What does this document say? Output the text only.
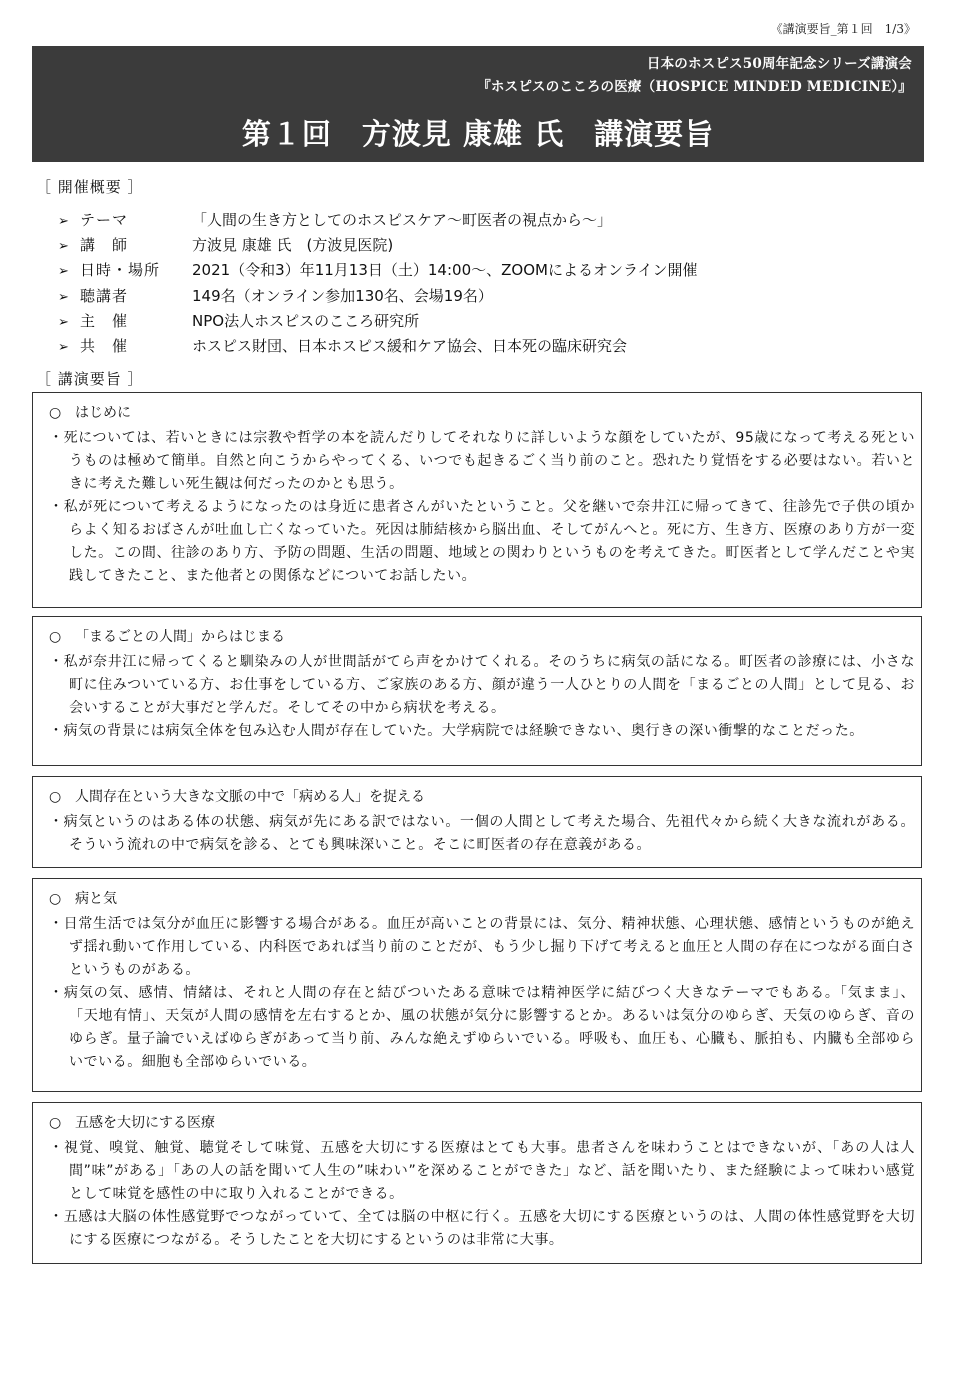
《講演要旨_第１回　1/3》
日本のホスピス50周年記念シリーズ講演会
『ホスピスのこころの医療（HOSPICE MINDED MEDICINE）』
第１回　方波見 康雄 氏　講演要旨
［ 開催概要 ］
➢ テーマ	「人間の生き方としてのホスピスケア～町医者の視点から～」
➢ 講　師	方波見 康雄 氏　(方波見医院)
➢ 日時・場所 2021（令和3）年11月13日（土）14:00～、ZOOMによるオンライン開催
➢ 聴講者	149名（オンライン参加130名、会場19名）
➢ 主　催	NPO法人ホスピスのこころ研究所
➢ 共　催	ホスピス財団、日本ホスピス緩和ケア協会、日本死の臨床研究会
［ 講演要旨 ］
○ はじめに

・死については、若いときには宗教や哲学の本を読んだりしてそれなりに詳しいような顔をしていたが、95歳になって考える死というものは極めて簡単。自然と向こうからやってくる、いつでも起きるごく当り前のこと。恐れたり覚悟をする必要はない。若いときに考えた難しい死生観は何だったのかとも思う。

・私が死について考えるようになったのは身近に患者さんがいたということ。父を継いで奈井江に帰ってきて、往診先で子供の頃からよく知るおばさんが吐血し亡くなっていた。死因は肺結核から脳出血、そしてがんへと。死に方、生き方、医療のあり方が一変した。この間、往診のあり方、予防の問題、生活の問題、地域との関わりというものを考えてきた。町医者として学んだことや実践してきたこと、また他者との関係などについてお話したい。

○ 「まるごとの人間」からはじまる

・私が奈井江に帰ってくると馴染みの人が世間話がてら声をかけてくれる。そのうちに病気の話になる。町医者の診療には、小さな町に住みついている方、お仕事をしている方、ご家族のある方、顔が違う一人ひとりの人間を「まるごとの人間」として見る、お会いすることが大事だと学んだ。そしてその中から病状を考える。

・病気の背景には病気全体を包み込む人間が存在していた。大学病院では経験できない、奥行きの深い衝撃的なことだった。

○ 人間存在という大きな文脈の中で「病める人」を捉える

・病気というのはある体の状態、病気が先にある訳ではない。一個の人間として考えた場合、先祖代々から続く大きな流れがある。そういう流れの中で病気を診る、とても興味深いこと。そこに町医者の存在意義がある。

○ 病と気

・日常生活では気分が血圧に影響する場合がある。血圧が高いことの背景には、気分、精神状態、心理状態、感情というものが絶えず揺れ動いて作用している、内科医であれば当り前のことだが、もう少し掘り下げて考えると血圧と人間の存在につながる面白さというものがある。

・病気の気、感情、情緒は、それと人間の存在と結びついたある意味では精神医学に結びつく大きなテーマでもある。「気まま」、「天地有情」、天気が人間の感情を左右するとか、風の状態が気分に影響するとか。あるいは気分のゆらぎ、天気のゆらぎ、音のゆらぎ。量子論でいえばゆらぎがあって当り前、みんな絶えずゆらいでいる。呼吸も、血圧も、心臓も、脈拍も、内臓も全部ゆらいでいる。細胞も全部ゆらいでいる。

○ 五感を大切にする医療

・視覚、嗅覚、触覚、聴覚そして味覚、五感を大切にする医療はとても大事。患者さんを味わうことはできないが、「あの人は人間”味”がある」「あの人の話を聞いて人生の”味わい”を深めることができた」など、話を聞いたり、また経験によって味わい感覚として味覚を感性の中に取り入れることができる。

・五感は大脳の体性感覚野でつながっていて、全ては脳の中枢に行く。五感を大切にする医療というのは、人間の体性感覚野を大切にする医療につながる。そうしたことを大切にするというのは非常に大事。
